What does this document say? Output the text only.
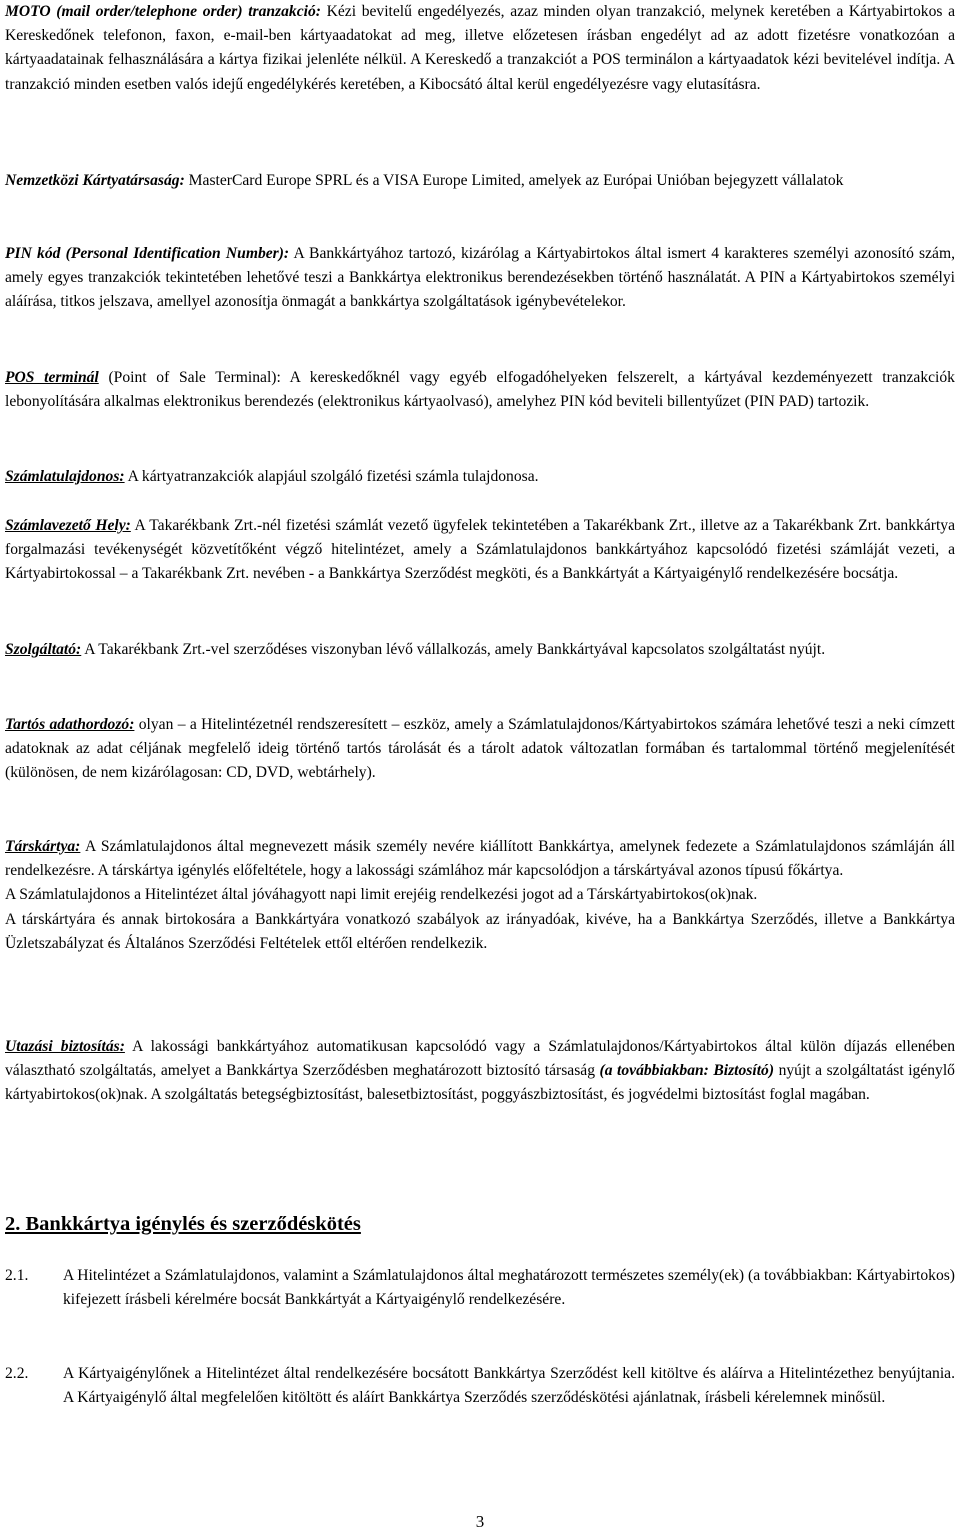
MOTO (mail order/telephone order) tranzakció: Kézi bevitelű engedélyezés, azaz minden olyan tranzakció, melynek keretében a Kártyabirtokos a Kereskedőnek telefonon, faxon, e-mail-ben kártyaadatokat ad meg, illetve előzetesen írásban engedélyt ad az adott fizetésre vonatkozóan a kártyaadatainak felhasználására a kártya fizikai jelenléte nélkül. A Kereskedő a tranzakciót a POS terminálon a kártyaadatok kézi bevitelével indítja. A tranzakció minden esetben valós idejű engedélykérés keretében, a Kibocsátó által kerül engedélyezésre vagy elutasításra.

Nemzetközi Kártyatársaság: MasterCard Europe SPRL és a VISA Europe Limited, amelyek az Európai Unióban bejegyzett vállalatok

PIN kód (Personal Identification Number): A Bankkártyához tartozó, kizárólag a Kártyabirtokos által ismert 4 karakteres személyi azonosító szám, amely egyes tranzakciók tekintetében lehetővé teszi a Bankkártya elektronikus berendezésekben történő használatát. A PIN a Kártyabirtokos személyi aláírása, titkos jelszava, amellyel azonosítja önmagát a bankkártya szolgáltatások igénybevételekor.

POS terminál (Point of Sale Terminal): A kereskedőknél vagy egyéb elfogadóhelyeken felszerelt, a kártyával kezdeményezett tranzakciók lebonyolítására alkalmas elektronikus berendezés (elektronikus kártyaolvasó), amelyhez PIN kód beviteli billentyűzet (PIN PAD) tartozik.

Számlatulajdonos: A kártyatranzakciók alapjául szolgáló fizetési számla tulajdonosa.

Számlavezető Hely: A Takarékbank Zrt.-nél fizetési számlát vezető ügyfelek tekintetében a Takarékbank Zrt., illetve az a Takarékbank Zrt. bankkártya forgalmazási tevékenységét közvetítőként végző hitelintézet, amely a Számlatulajdonos bankkártyához kapcsolódó fizetési számláját vezeti, a Kártyabirtokossal – a Takarékbank Zrt. nevében - a Bankkártya Szerződést megköti, és a Bankkártyát a Kártyaigénylő rendelkezésére bocsátja.

Szolgáltató: A Takarékbank Zrt.-vel szerződéses viszonyban lévő vállalkozás, amely Bankkártyával kapcsolatos szolgáltatást nyújt.

Tartós adathordozó: olyan – a Hitelintézetnél rendszeresített – eszköz, amely a Számlatulajdonos/Kártyabirtokos számára lehetővé teszi a neki címzett adatoknak az adat céljának megfelelő ideig történő tartós tárolását és a tárolt adatok változatlan formában és tartalommal történő megjelenítését (különösen, de nem kizárólagosan: CD, DVD, webtárhely).

Társkártya: A Számlatulajdonos által megnevezett másik személy nevére kiállított Bankkártya, amelynek fedezete a Számlatulajdonos számláján áll rendelkezésre. A társkártya igénylés előfeltétele, hogy a lakossági számlához már kapcsolódjon a társkártyával azonos típusú főkártya.

A Számlatulajdonos a Hitelintézet által jóváhagyott napi limit erejéig rendelkezési jogot ad a Társkártyabirtokos(ok)nak.

A társkártyára és annak birtokosára a Bankkártyára vonatkozó szabályok az irányadóak, kivéve, ha a Bankkártya Szerződés, illetve a Bankkártya Üzletszabályzat és Általános Szerződési Feltételek ettől eltérően rendelkezik.

Utazási biztosítás: A lakossági bankkártyához automatikusan kapcsolódó vagy a Számlatulajdonos/Kártyabirtokos által külön díjazás ellenében választható szolgáltatás, amelyet a Bankkártya Szerződésben meghatározott biztosító társaság (a továbbiakban: Biztosító) nyújt a szolgáltatást igénylő kártyabirtokos(ok)nak. A szolgáltatás betegségbiztosítást, balesetbiztosítást, poggyászbiztosítást, és jogvédelmi biztosítást foglal magában.

2. Bankkártya igénylés és szerződéskötés
2.1. A Hitelintézet a Számlatulajdonos, valamint a Számlatulajdonos által meghatározott természetes személy(ek) (a továbbiakban: Kártyabirtokos) kifejezett írásbeli kérelmére bocsát Bankkártyát a Kártyaigénylő rendelkezésére.
2.2. A Kártyaigénylőnek a Hitelintézet által rendelkezésére bocsátott Bankkártya Szerződést kell kitöltve és aláírva a Hitelintézethez benyújtania. A Kártyaigénylő által megfelelően kitöltött és aláírt Bankkártya Szerződés szerződéskötési ajánlatnak, írásbeli kérelemnek minősül.
3
